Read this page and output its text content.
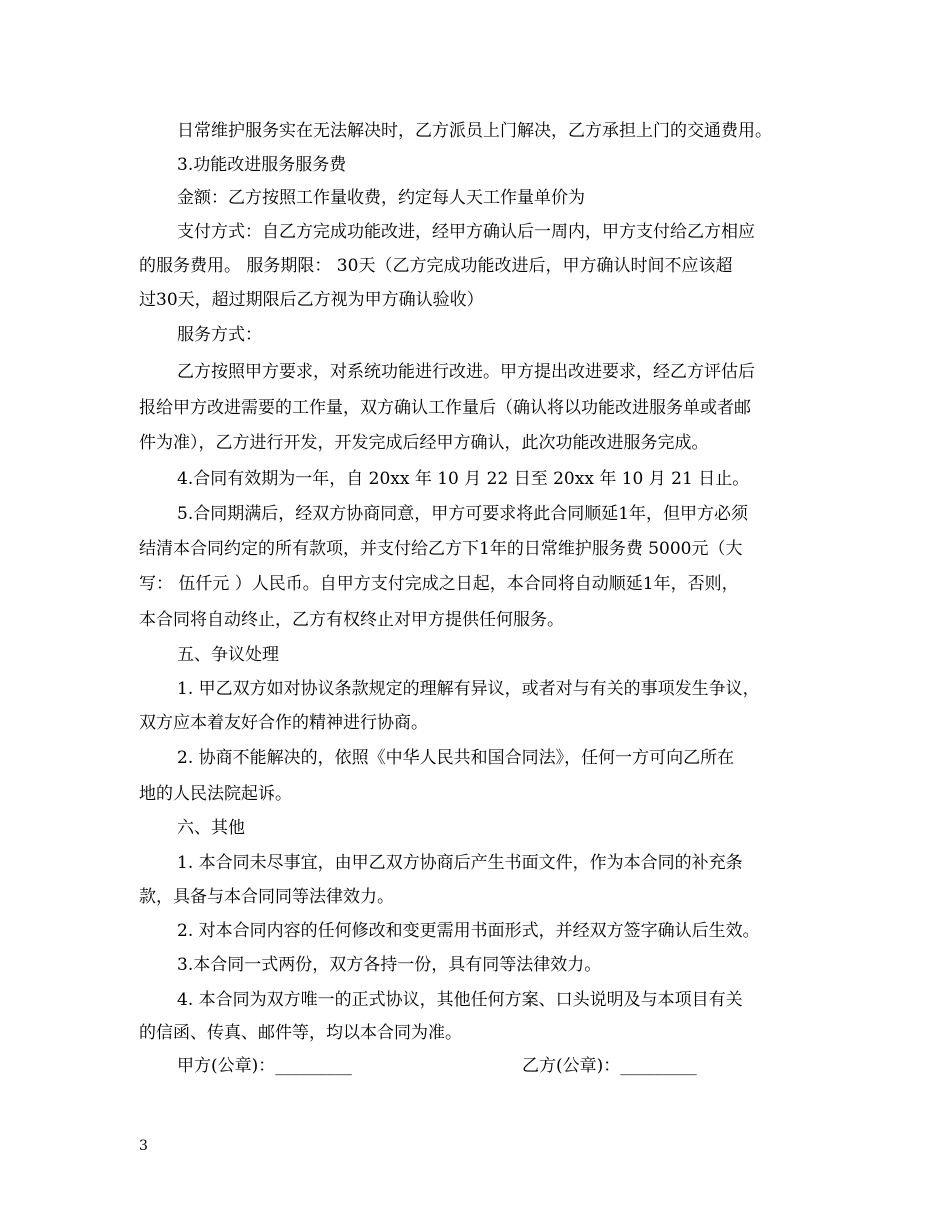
日常维护服务实在无法解决时，乙方派员上门解决，乙方承担上门的交通费用。
3.功能改进服务服务费
金额：乙方按照工作量收费，约定每人天工作量单价为
支付方式：自乙方完成功能改进，经甲方确认后一周内，甲方支付给乙方相应
的服务费用。 服务期限： 30天（乙方完成功能改进后，甲方确认时间不应该超
过30天，超过期限后乙方视为甲方确认验收）
服务方式：
乙方按照甲方要求，对系统功能进行改进。甲方提出改进要求，经乙方评估后
报给甲方改进需要的工作量，双方确认工作量后（确认将以功能改进服务单或者邮
件为准），乙方进行开发，开发完成后经甲方确认，此次功能改进服务完成。
4.合同有效期为一年，自 20xx 年 10 月 22 日至 20xx 年 10 月 21 日止。
5.合同期满后，经双方协商同意，甲方可要求将此合同顺延1年，但甲方必须
结清本合同约定的所有款项，并支付给乙方下1年的日常维护服务费 5000元（大
写： 伍仟元 ）人民币。自甲方支付完成之日起，本合同将自动顺延1年，否则，
本合同将自动终止，乙方有权终止对甲方提供任何服务。
五、争议处理
1. 甲乙双方如对协议条款规定的理解有异议，或者对与有关的事项发生争议，
双方应本着友好合作的精神进行协商。
2. 协商不能解决的，依照《中华人民共和国合同法》，任何一方可向乙所在
地的人民法院起诉。
六、其他
1. 本合同未尽事宜，由甲乙双方协商后产生书面文件，作为本合同的补充条
款，具备与本合同同等法律效力。
2. 对本合同内容的任何修改和变更需用书面形式，并经双方签字确认后生效。
3.本合同一式两份，双方各持一份，具有同等法律效力。
4. 本合同为双方唯一的正式协议，其他任何方案、口头说明及与本项目有关
的信函、传真、邮件等，均以本合同为准。
甲方(公章)：_________	乙方(公章)：_________
3
